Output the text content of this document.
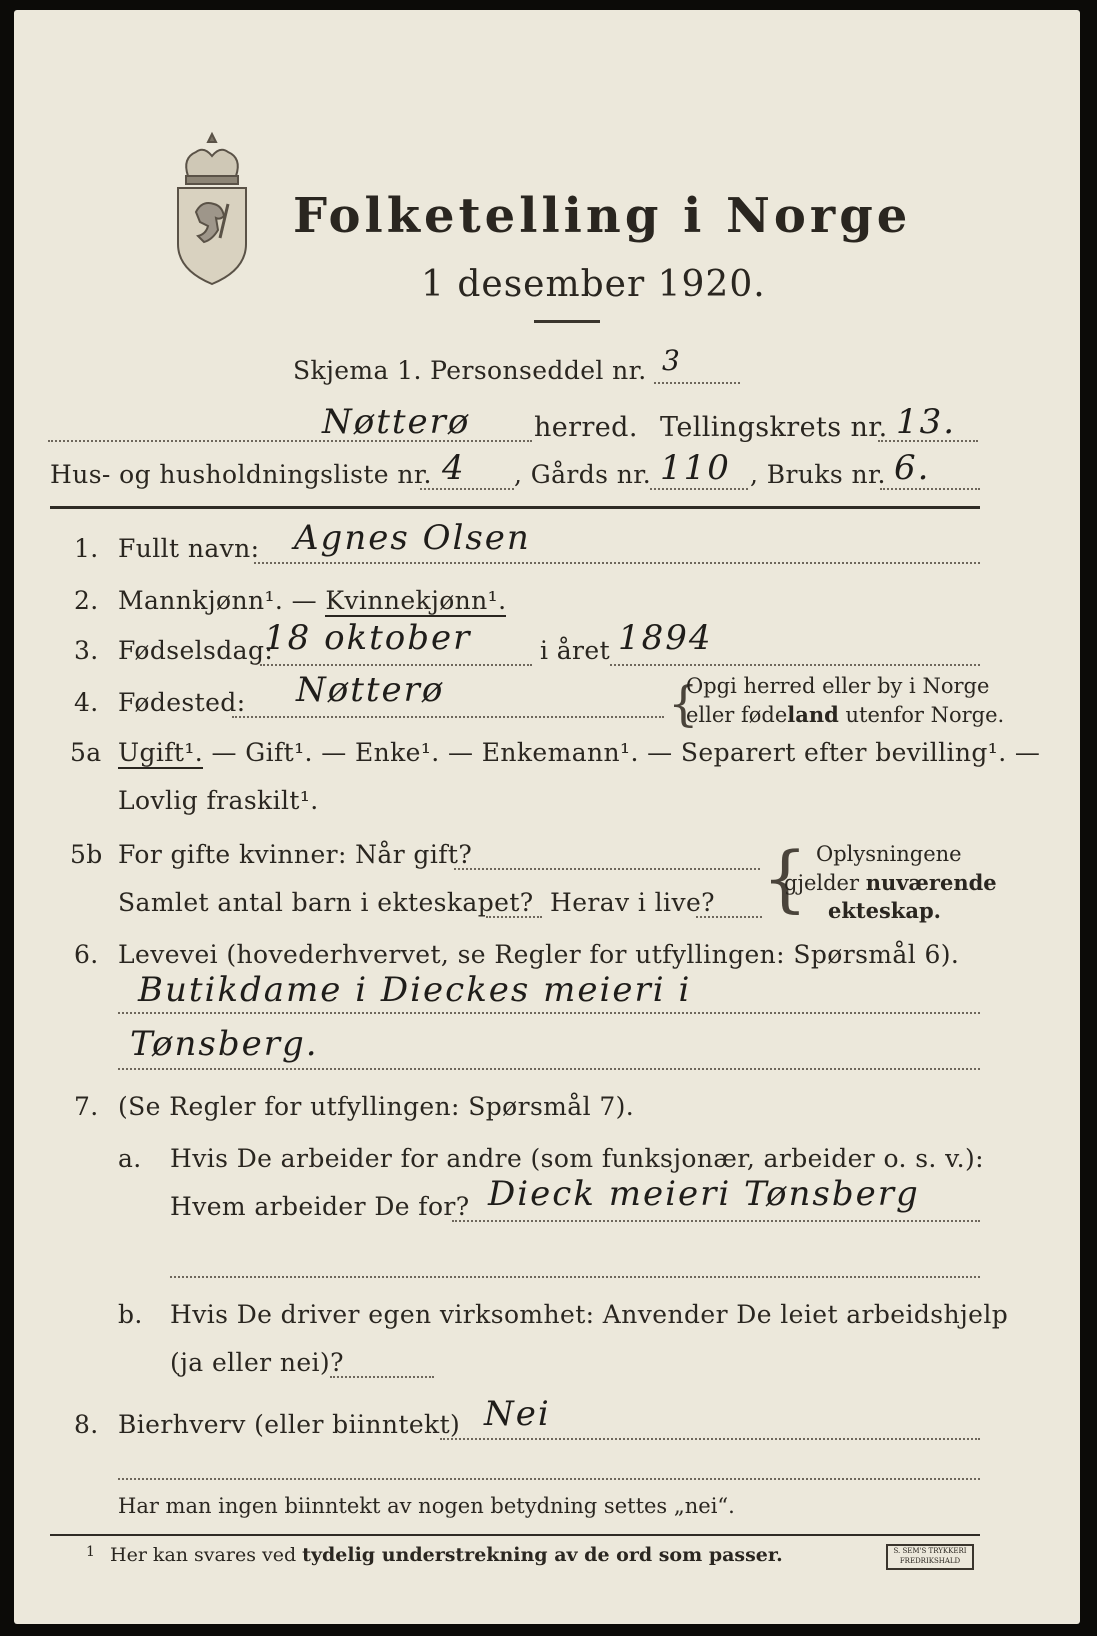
Folketelling i Norge
1 desember 1920.
Skjema 1. Personseddel nr. 3
Nøtterø herred. Tellingskrets nr. 13.
Hus- og husholdningsliste nr. 4 , Gårds nr. 110 , Bruks nr. 6.
1. Fullt navn: Agnes Olsen
2. Mannkjønn¹. — Kvinnekjønn¹.
3. Fødselsdag:
18 oktober	i året 1894
4. Fødested: Nøtterø	{
Opgi herred eller by i Norge
eller fødeland utenfor Norge.
5a Ugift¹. — Gift¹. — Enke¹. — Enkemann¹. — Separert efter bevilling¹. —
Lovlig fraskilt¹.
5b For gifte kvinner: Når gift?
Samlet antal barn i ekteskapet? Herav i live? { Oplysningene
gjelder nuværende
ekteskap.
6. Levevei (hovederhvervet, se Regler for utfyllingen: Spørsmål 6).
Butikdame i Dieckes meieri i
Tønsberg.
7. (Se Regler for utfyllingen: Spørsmål 7).
a. Hvis De arbeider for andre (som funksjonær, arbeider o. s. v.):
Hvem arbeider De for? Dieck meieri Tønsberg
b. Hvis De driver egen virksomhet: Anvender De leiet arbeidshjelp
(ja eller nei)?
8. Bierhverv (eller biinntekt) Nei
Har man ingen biinntekt av nogen betydning settes „nei“.
1 Her kan svares ved tydelig understrekning av de ord som passer.	S. SEM'S TRYKKERI FREDRIKSHALD
